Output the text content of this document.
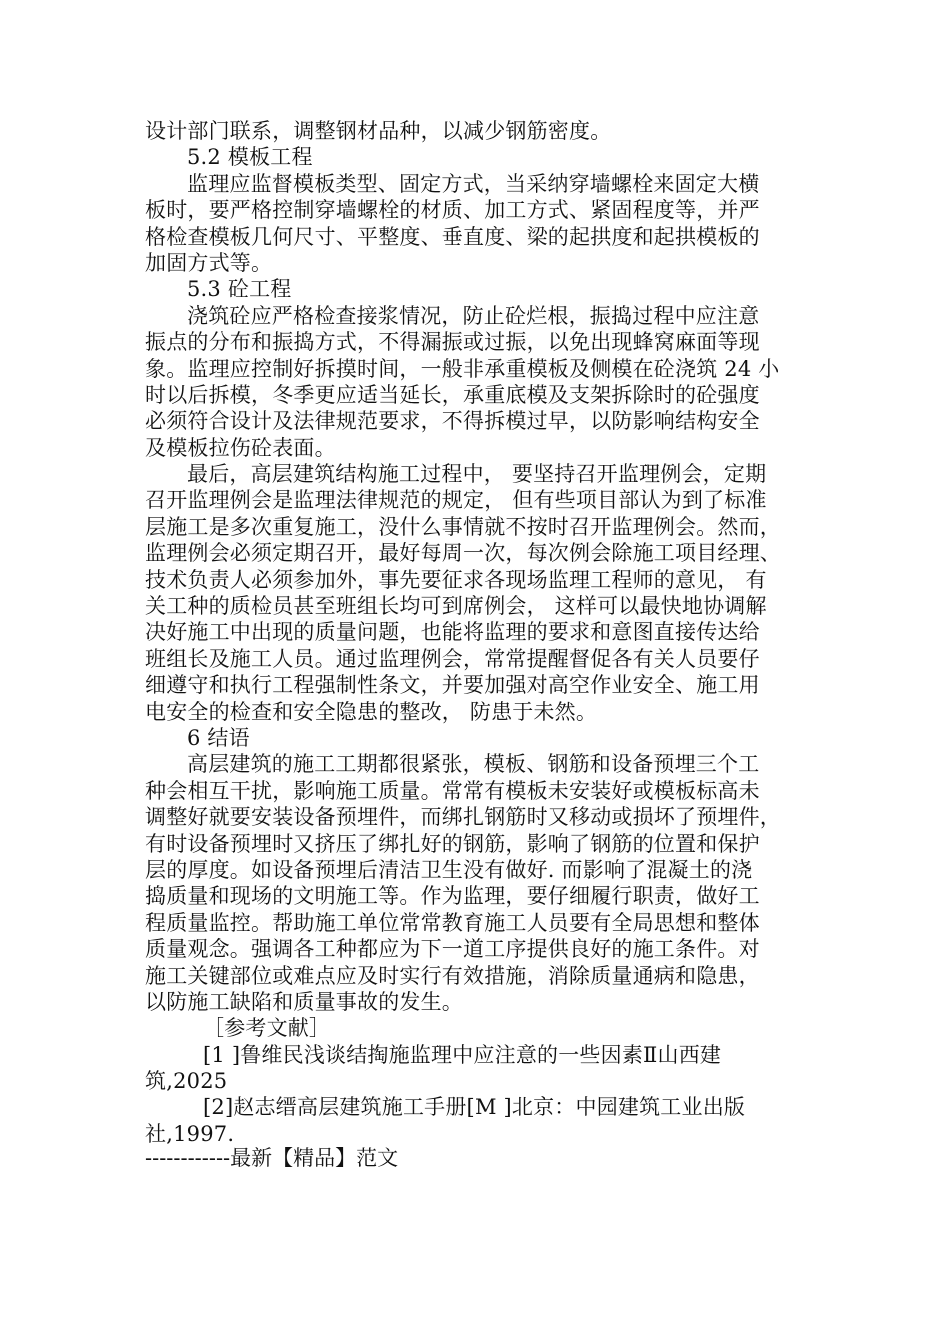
设计部门联系，调整钢材品种，以减少钢筋密度。
5.2 模板工程
监理应监督模板类型、固定方式，当采纳穿墙螺栓来固定大横
板时，要严格控制穿墙螺栓的材质、加工方式、紧固程度等，并严
格检查模板几何尺寸、平整度、垂直度、梁的起拱度和起拱模板的
加固方式等。
5.3 砼工程
浇筑砼应严格检查接浆情况，防止砼烂根，振捣过程中应注意
振点的分布和振捣方式，不得漏振或过振，以免出现蜂窝麻面等现
象。监理应控制好拆摸时间，一般非承重模板及侧模在砼浇筑 24 小
时以后拆模，冬季更应适当延长，承重底模及支架拆除时的砼强度
必须符合设计及法律规范要求，不得拆模过早，以防影响结构安全
及模板拉伤砼表面。
最后，高层建筑结构施工过程中， 要坚持召开监理例会，定期
召开监理例会是监理法律规范的规定， 但有些项目部认为到了标准
层施工是多次重复施工，没什么事情就不按时召开监理例会。然而，
监理例会必须定期召开，最好每周一次，每次例会除施工项目经理、
技术负责人必须参加外，事先要征求各现场监理工程师的意见， 有
关工种的质检员甚至班组长均可到席例会， 这样可以最快地协调解
决好施工中出现的质量问题，也能将监理的要求和意图直接传达给
班组长及施工人员。通过监理例会，常常提醒督促各有关人员要仔
细遵守和执行工程强制性条文，并要加强对高空作业安全、施工用
电安全的检查和安全隐患的整改， 防患于未然。
6 结语
高层建筑的施工工期都很紧张，模板、钢筋和设备预埋三个工
种会相互干扰，影响施工质量。常常有模板未安装好或模板标高未
调整好就要安装设备预埋件，而绑扎钢筋时又移动或损坏了预埋件，
有时设备预埋时又挤压了绑扎好的钢筋，影响了钢筋的位置和保护
层的厚度。如设备预埋后清洁卫生没有做好. 而影响了混凝土的浇
捣质量和现场的文明施工等。作为监理，要仔细履行职责，做好工
程质量监控。帮助施工单位常常教育施工人员要有全局思想和整体
质量观念。强调各工种都应为下一道工序提供良好的施工条件。对
施工关键部位或难点应及时实行有效措施，消除质量通病和隐患，
以防施工缺陷和质量事故的发生。
［参考文献］
[1 ]鲁维民浅谈结掏施监理中应注意的一些因素Ⅱ山西建
筑,2025
[2]赵志缙高层建筑施工手册[M ]北京：中园建筑工业出版
社,1997.
------------最新【精品】范文
